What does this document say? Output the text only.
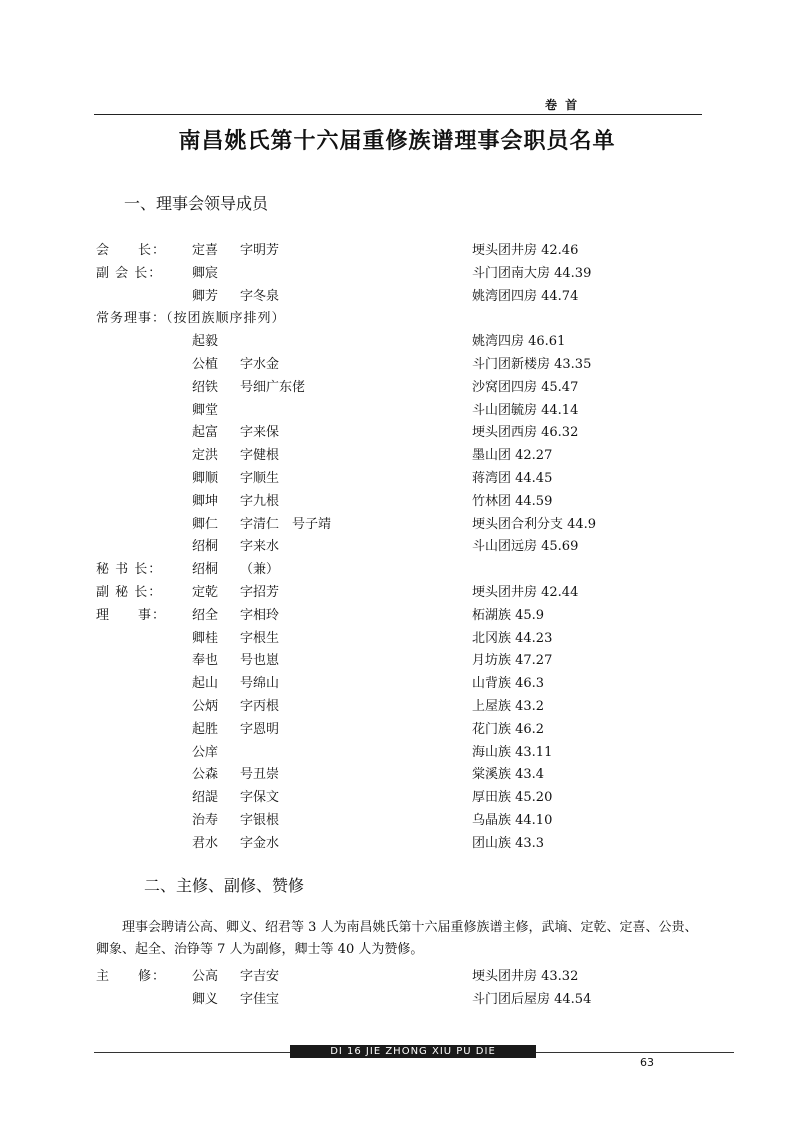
卷 首
南昌姚氏第十六届重修族谱理事会职员名单
一、理事会领导成员
会　　长： 定喜 字明芳	埂头团井房 42.46
副 会 长： 卿宸	斗门团南大房 44.39
卿芳 字冬泉	姚湾团四房 44.74
常务理事：（按团族顺序排列）
起毅	姚湾四房 46.61
公植 字水金	斗门团新楼房 43.35
绍铁 号细广东佬	沙窝团四房 45.47
卿堂	斗山团毓房 44.14
起富 字来保	埂头团西房 46.32
定洪 字健根	墨山团 42.27
卿顺 字顺生	蒋湾团 44.45
卿坤 字九根	竹林团 44.59
卿仁 字清仁　号子靖	埂头团合利分支 44.9
绍桐 字来水	斗山团远房 45.69
秘 书 长： 绍桐 （兼）
副 秘 长： 定乾 字招芳	埂头团井房 42.44
理　　事： 绍全 字相玲	柘湖族 45.9
卿桂 字根生	北冈族 44.23
奉也 号也崽	月坊族 47.27
起山 号绵山	山背族 46.3
公炳 字丙根	上屋族 43.2
起胜 字恩明	花门族 46.2
公庠	海山族 43.11
公森 号丑崇	棠溪族 43.4
绍諟 字保文	厚田族 45.20
治寿 字银根	乌晶族 44.10
君水 字金水	团山族 43.3
二、主修、副修、赞修
理事会聘请公高、卿义、绍君等 3 人为南昌姚氏第十六届重修族谱主修，武墒、定乾、定喜、公贵、卿象、起全、治铮等 7 人为副修，卿士等 40 人为赞修。
主　　修： 公高 字吉安	埂头团井房 43.32
卿义 字佳宝	斗门团后屋房 44.54
DI 16 JIE ZHONG XIU PU DIE
63
